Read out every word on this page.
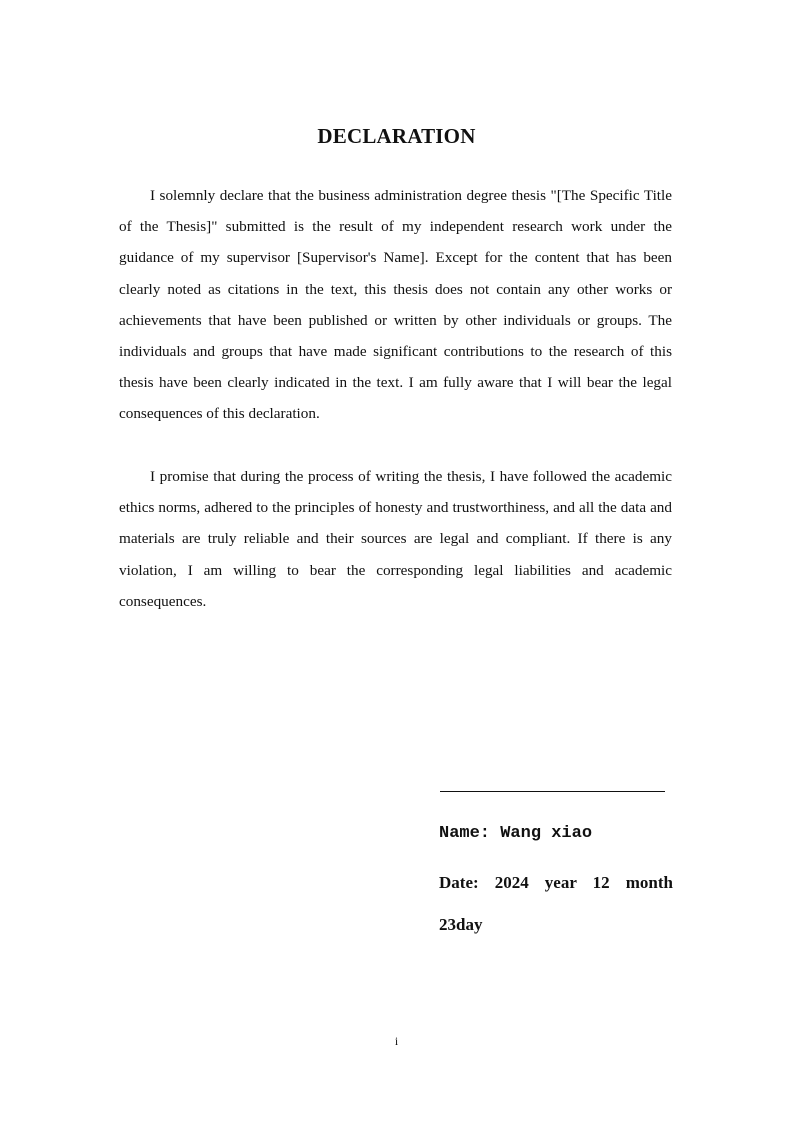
DECLARATION

I solemnly declare that the business administration degree thesis "[The Specific Title of the Thesis]" submitted is the result of my independent research work under the guidance of my supervisor [Supervisor's Name]. Except for the content that has been clearly noted as citations in the text, this thesis does not contain any other works or achievements that have been published or written by other individuals or groups. The individuals and groups that have made significant contributions to the research of this thesis have been clearly indicated in the text. I am fully aware that I will bear the legal consequences of this declaration.

I promise that during the process of writing the thesis, I have followed the academic ethics norms, adhered to the principles of honesty and trustworthiness, and all the data and materials are truly reliable and their sources are legal and compliant. If there is any violation, I am willing to bear the corresponding legal liabilities and academic consequences.

Name: Wang xiao
Date: 2024 year 12 month 23day
i
